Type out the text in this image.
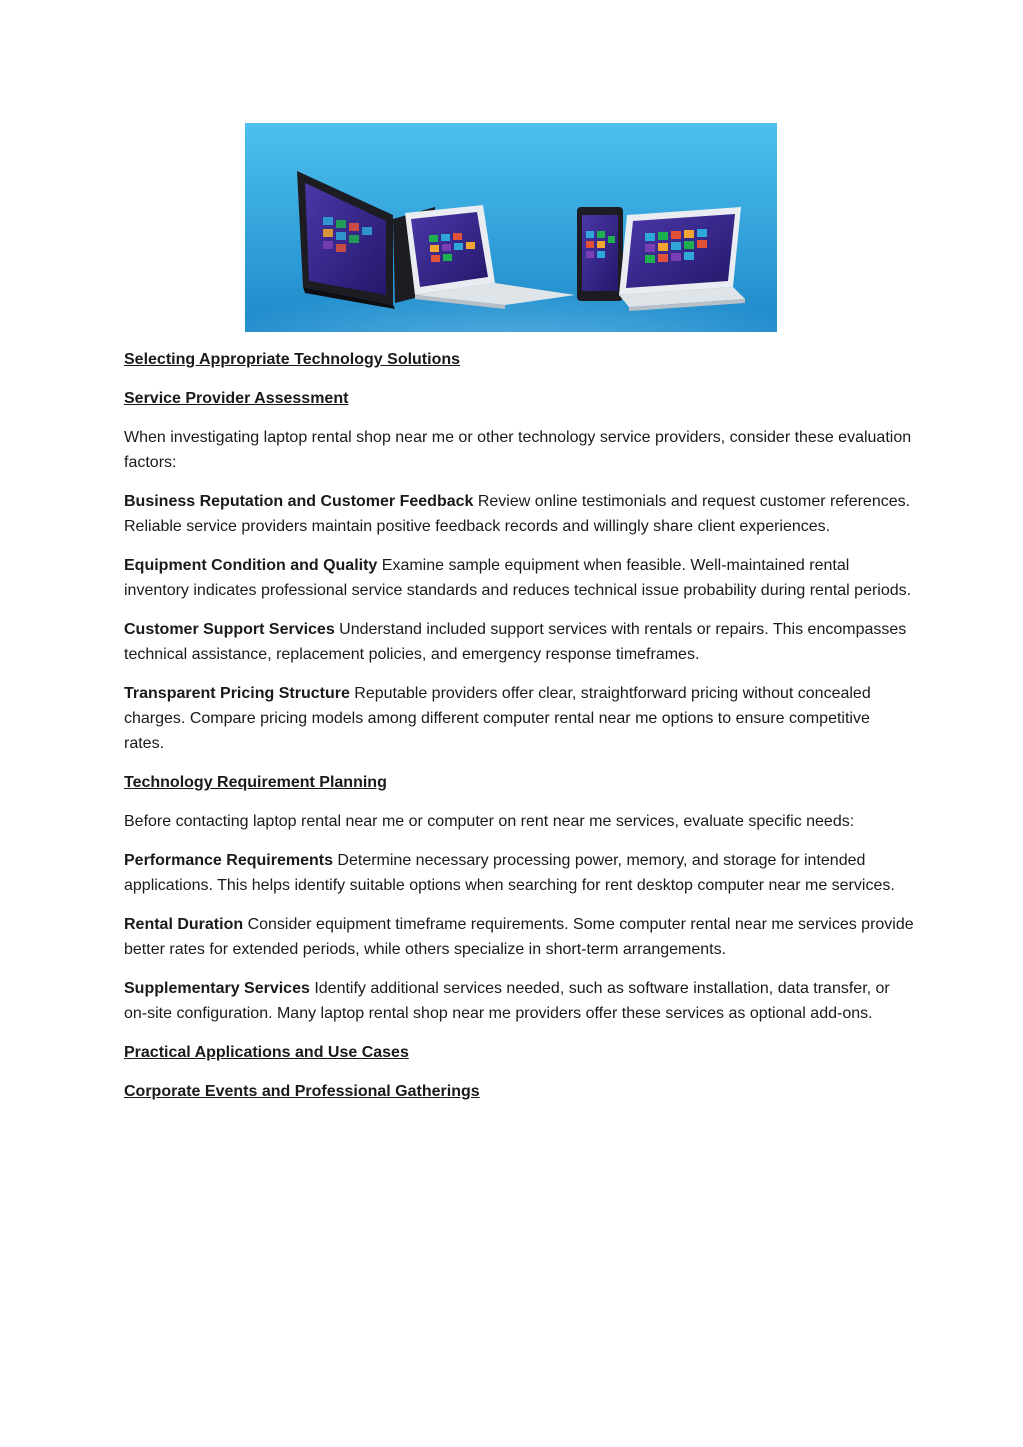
Selecting Appropriate Technology Solutions

Service Provider Assessment

When investigating laptop rental shop near me or other technology service providers, consider these evaluation factors:

Business Reputation and Customer Feedback Review online testimonials and request customer references. Reliable service providers maintain positive feedback records and willingly share client experiences.

Equipment Condition and Quality Examine sample equipment when feasible. Well-maintained rental inventory indicates professional service standards and reduces technical issue probability during rental periods.

Customer Support Services Understand included support services with rentals or repairs. This encompasses technical assistance, replacement policies, and emergency response timeframes.

Transparent Pricing Structure Reputable providers offer clear, straightforward pricing without concealed charges. Compare pricing models among different computer rental near me options to ensure competitive rates.

Technology Requirement Planning

Before contacting laptop rental near me or computer on rent near me services, evaluate specific needs:

Performance Requirements Determine necessary processing power, memory, and storage for intended applications. This helps identify suitable options when searching for rent desktop computer near me services.

Rental Duration Consider equipment timeframe requirements. Some computer rental near me services provide better rates for extended periods, while others specialize in short-term arrangements.

Supplementary Services Identify additional services needed, such as software installation, data transfer, or on-site configuration. Many laptop rental shop near me providers offer these services as optional add-ons.

Practical Applications and Use Cases

Corporate Events and Professional Gatherings
